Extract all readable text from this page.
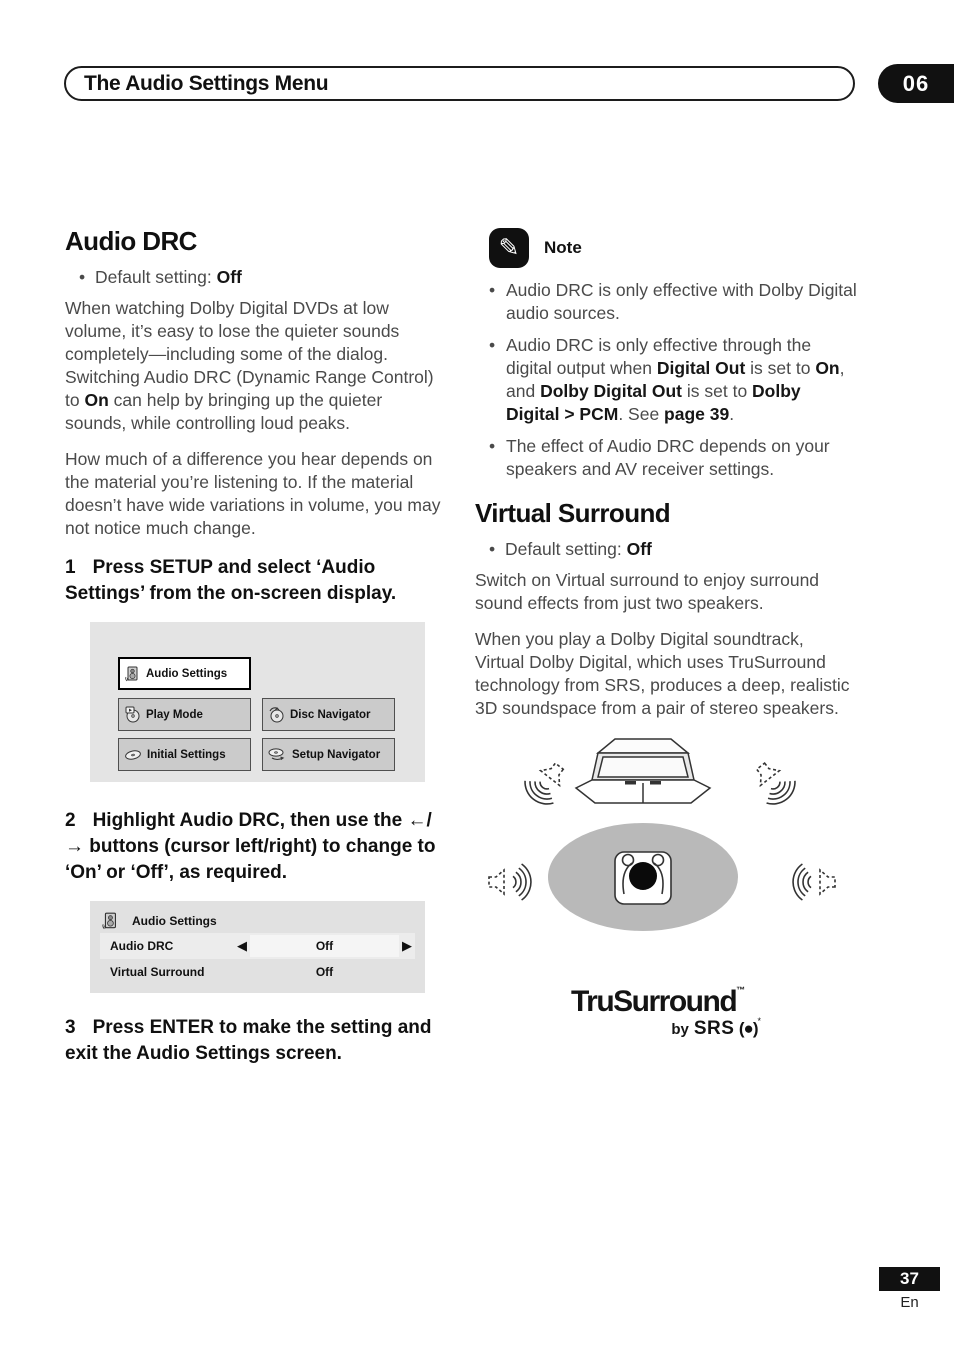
The Audio Settings Menu	06
Audio DRC
• Default setting: Off

When watching Dolby Digital DVDs at low volume, it’s easy to lose the quieter sounds completely—including some of the dialog. Switching Audio DRC (Dynamic Range Control) to On can help by bringing up the quieter sounds, while controlling loud peaks.

How much of a difference you hear depends on the material you’re listening to. If the material doesn’t have wide variations in volume, you may not notice much change.

1 Press SETUP and select ‘Audio Settings’ from the on-screen display.
Audio Settings
Play Mode	Disc Navigator
Initial Settings	Setup Navigator
2 Highlight Audio DRC, then use the ←/→ buttons (cursor left/right) to change to ‘On’ or ‘Off’, as required.
Audio Settings
Audio DRC	◀	Off	▶
Virtual Surround	Off
3 Press ENTER to make the setting and exit the Audio Settings screen.
✎	Note
• Audio DRC is only effective with Dolby Digital audio sources.
• Audio DRC is only effective through the digital output when Digital Out is set to On, and Dolby Digital Out is set to Dolby Digital > PCM. See page 39.
• The effect of Audio DRC depends on your speakers and AV receiver settings.
Virtual Surround
• Default setting: Off

Switch on Virtual surround to enjoy surround sound effects from just two speakers.

When you play a Dolby Digital soundtrack, Virtual Dolby Digital, which uses TruSurround technology from SRS, produces a deep, realistic 3D soundspace from a pair of stereo speakers.

TruSurround™
by SRS (●)*
37
En
